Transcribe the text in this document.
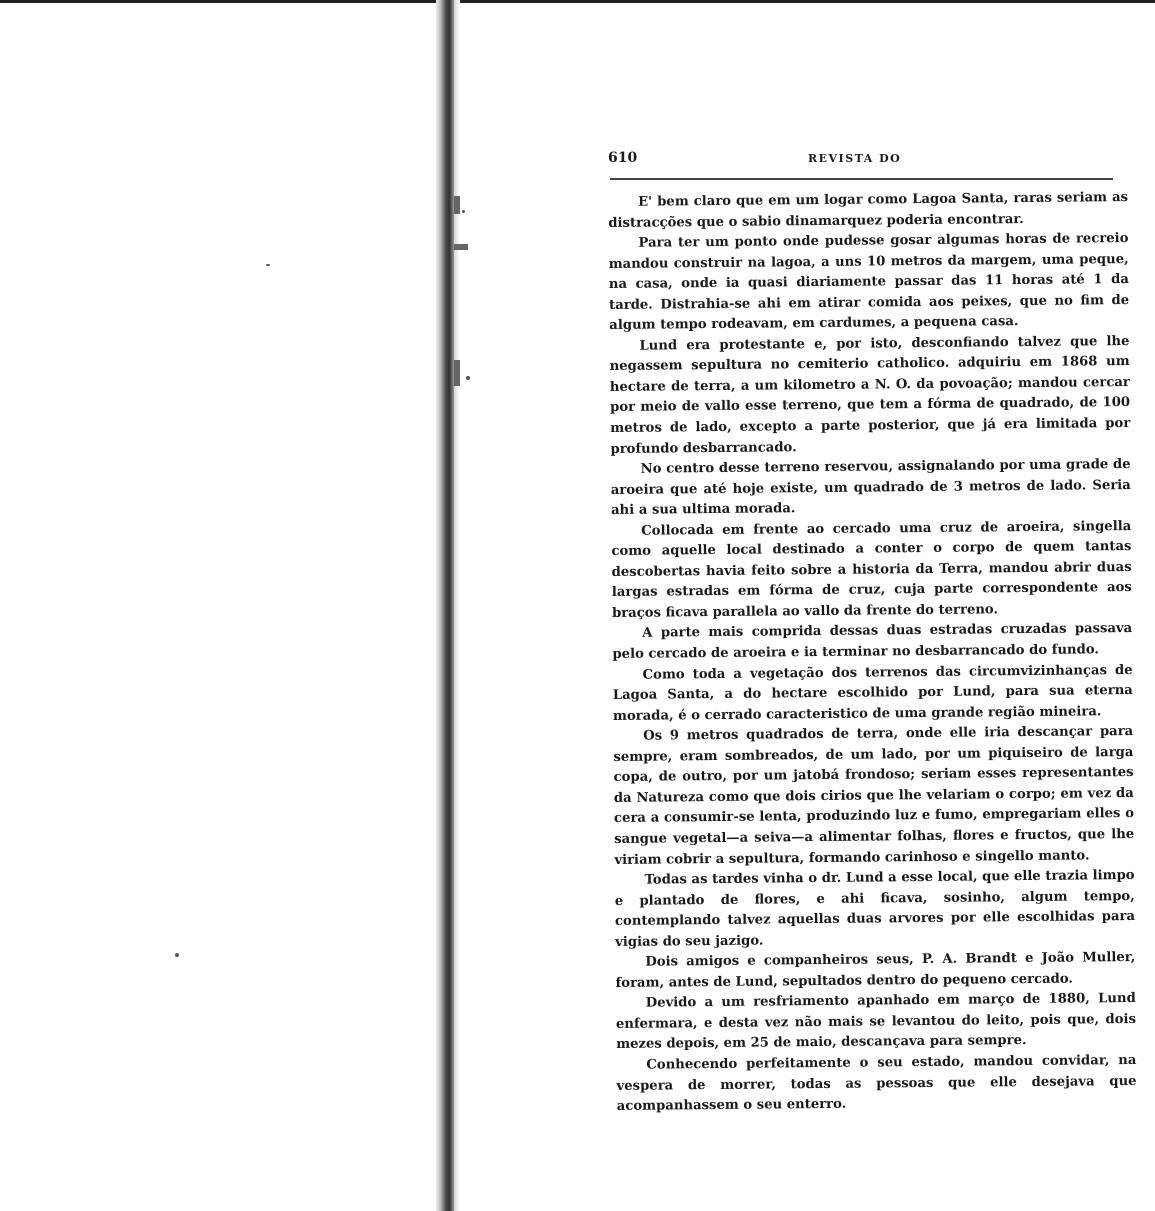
610	REVISTA DO

E' bem claro que em um logar como Lagoa Santa, raras seriam as distracções que o sabio dinamarquez poderia encontrar.

Para ter um ponto onde pudesse gosar algumas horas de recreio mandou construir na lagoa, a uns 10 metros da margem, uma peque, na casa, onde ia quasi diariamente passar das 11 horas até 1 da tarde. Distrahia-se ahi em atirar comida aos peixes, que no fim de algum tempo rodeavam, em cardumes, a pequena casa.

Lund era protestante e, por isto, desconfiando talvez que lhe negassem sepultura no cemiterio catholico. adquiriu em 1868 um hectare de terra, a um kilometro a N. O. da povoação; mandou cercar por meio de vallo esse terreno, que tem a fórma de quadrado, de 100 metros de lado, excepto a parte posterior, que já era limitada por profundo desbarrancado.

No centro desse terreno reservou, assignalando por uma grade de aroeira que até hoje existe, um quadrado de 3 metros de lado. Seria ahi a sua ultima morada.

Collocada em frente ao cercado uma cruz de aroeira, singella como aquelle local destinado a conter o corpo de quem tantas descobertas havia feito sobre a historia da Terra, mandou abrir duas largas estradas em fórma de cruz, cuja parte correspondente aos braços ficava parallela ao vallo da frente do terreno.

A parte mais comprida dessas duas estradas cruzadas passava pelo cercado de aroeira e ia terminar no desbarrancado do fundo.

Como toda a vegetação dos terrenos das circumvizinhanças de Lagoa Santa, a do hectare escolhido por Lund, para sua eterna morada, é o cerrado caracteristico de uma grande região mineira.

Os 9 metros quadrados de terra, onde elle iria descançar para sempre, eram sombreados, de um lado, por um piquiseiro de larga copa, de outro, por um jatobá frondoso; seriam esses representantes da Natureza como que dois cirios que lhe velariam o corpo; em vez da cera a consumir-se lenta, produzindo luz e fumo, empregariam elles o sangue vegetal—a seiva—a alimentar folhas, flores e fructos, que lhe viriam cobrir a sepultura, formando carinhoso e singello manto.

Todas as tardes vinha o dr. Lund a esse local, que elle trazia limpo e plantado de flores, e ahi ficava, sosinho, algum tempo, contemplando talvez aquellas duas arvores por elle escolhidas para vigias do seu jazigo.

Dois amigos e companheiros seus, P. A. Brandt e João Muller, foram, antes de Lund, sepultados dentro do pequeno cercado.

Devido a um resfriamento apanhado em março de 1880, Lund enfermara, e desta vez não mais se levantou do leito, pois que, dois mezes depois, em 25 de maio, descançava para sempre.

Conhecendo perfeitamente o seu estado, mandou convidar, na vespera de morrer, todas as pessoas que elle desejava que acompanhassem o seu enterro.
